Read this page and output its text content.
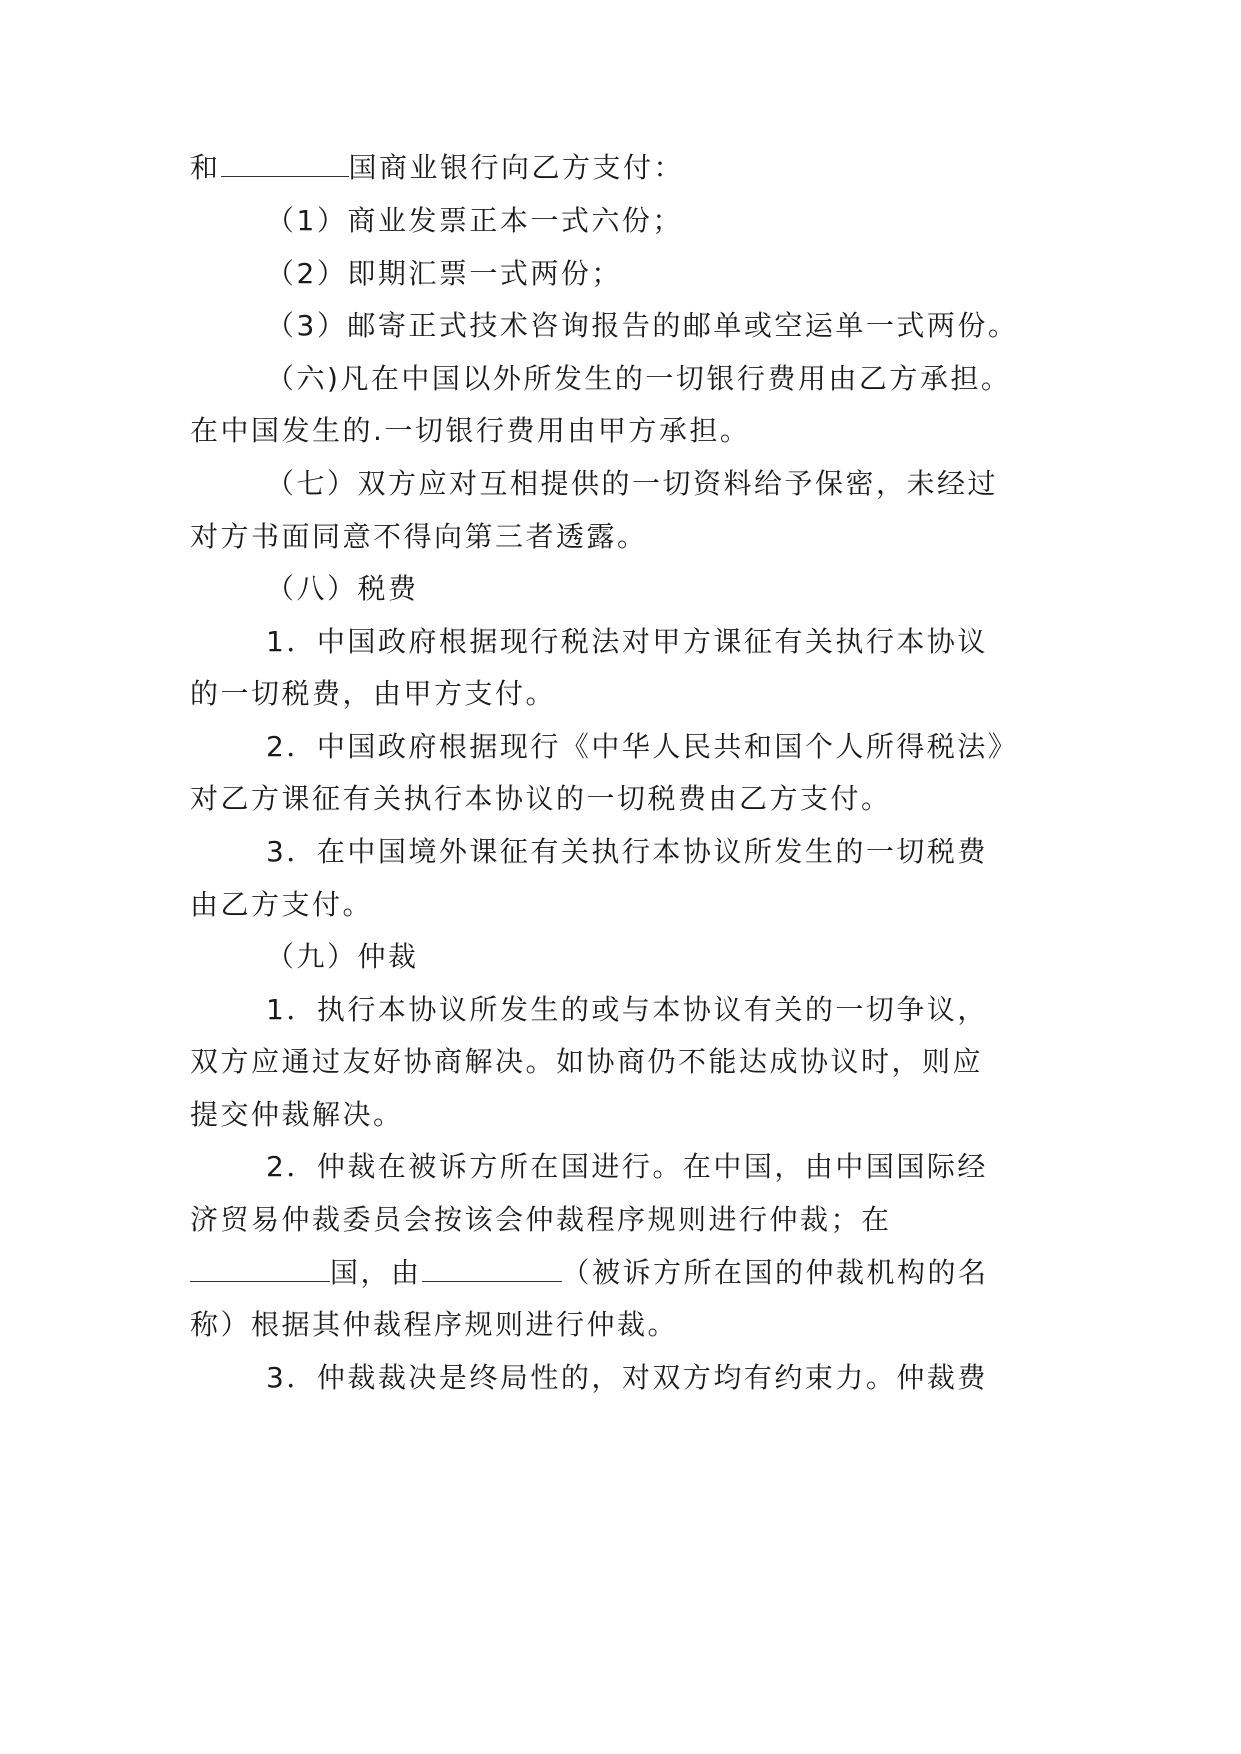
和	国商业银行向乙方支付：
（1）商业发票正本一式六份；
（2）即期汇票一式两份；
（3）邮寄正式技术咨询报告的邮单或空运单一式两份。
（六)凡在中国以外所发生的一切银行费用由乙方承担。
在中国发生的.一切银行费用由甲方承担。
（七）双方应对互相提供的一切资料给予保密，未经过
对方书面同意不得向第三者透露。
（八）税费
1．中国政府根据现行税法对甲方课征有关执行本协议
的一切税费，由甲方支付。
2．中国政府根据现行《中华人民共和国个人所得税法》
对乙方课征有关执行本协议的一切税费由乙方支付。
3．在中国境外课征有关执行本协议所发生的一切税费
由乙方支付。
（九）仲裁
1．执行本协议所发生的或与本协议有关的一切争议，
双方应通过友好协商解决。如协商仍不能达成协议时，则应
提交仲裁解决。
2．仲裁在被诉方所在国进行。在中国，由中国国际经
济贸易仲裁委员会按该会仲裁程序规则进行仲裁；在
国，由	（被诉方所在国的仲裁机构的名
称）根据其仲裁程序规则进行仲裁。
3．仲裁裁决是终局性的，对双方均有约束力。仲裁费
